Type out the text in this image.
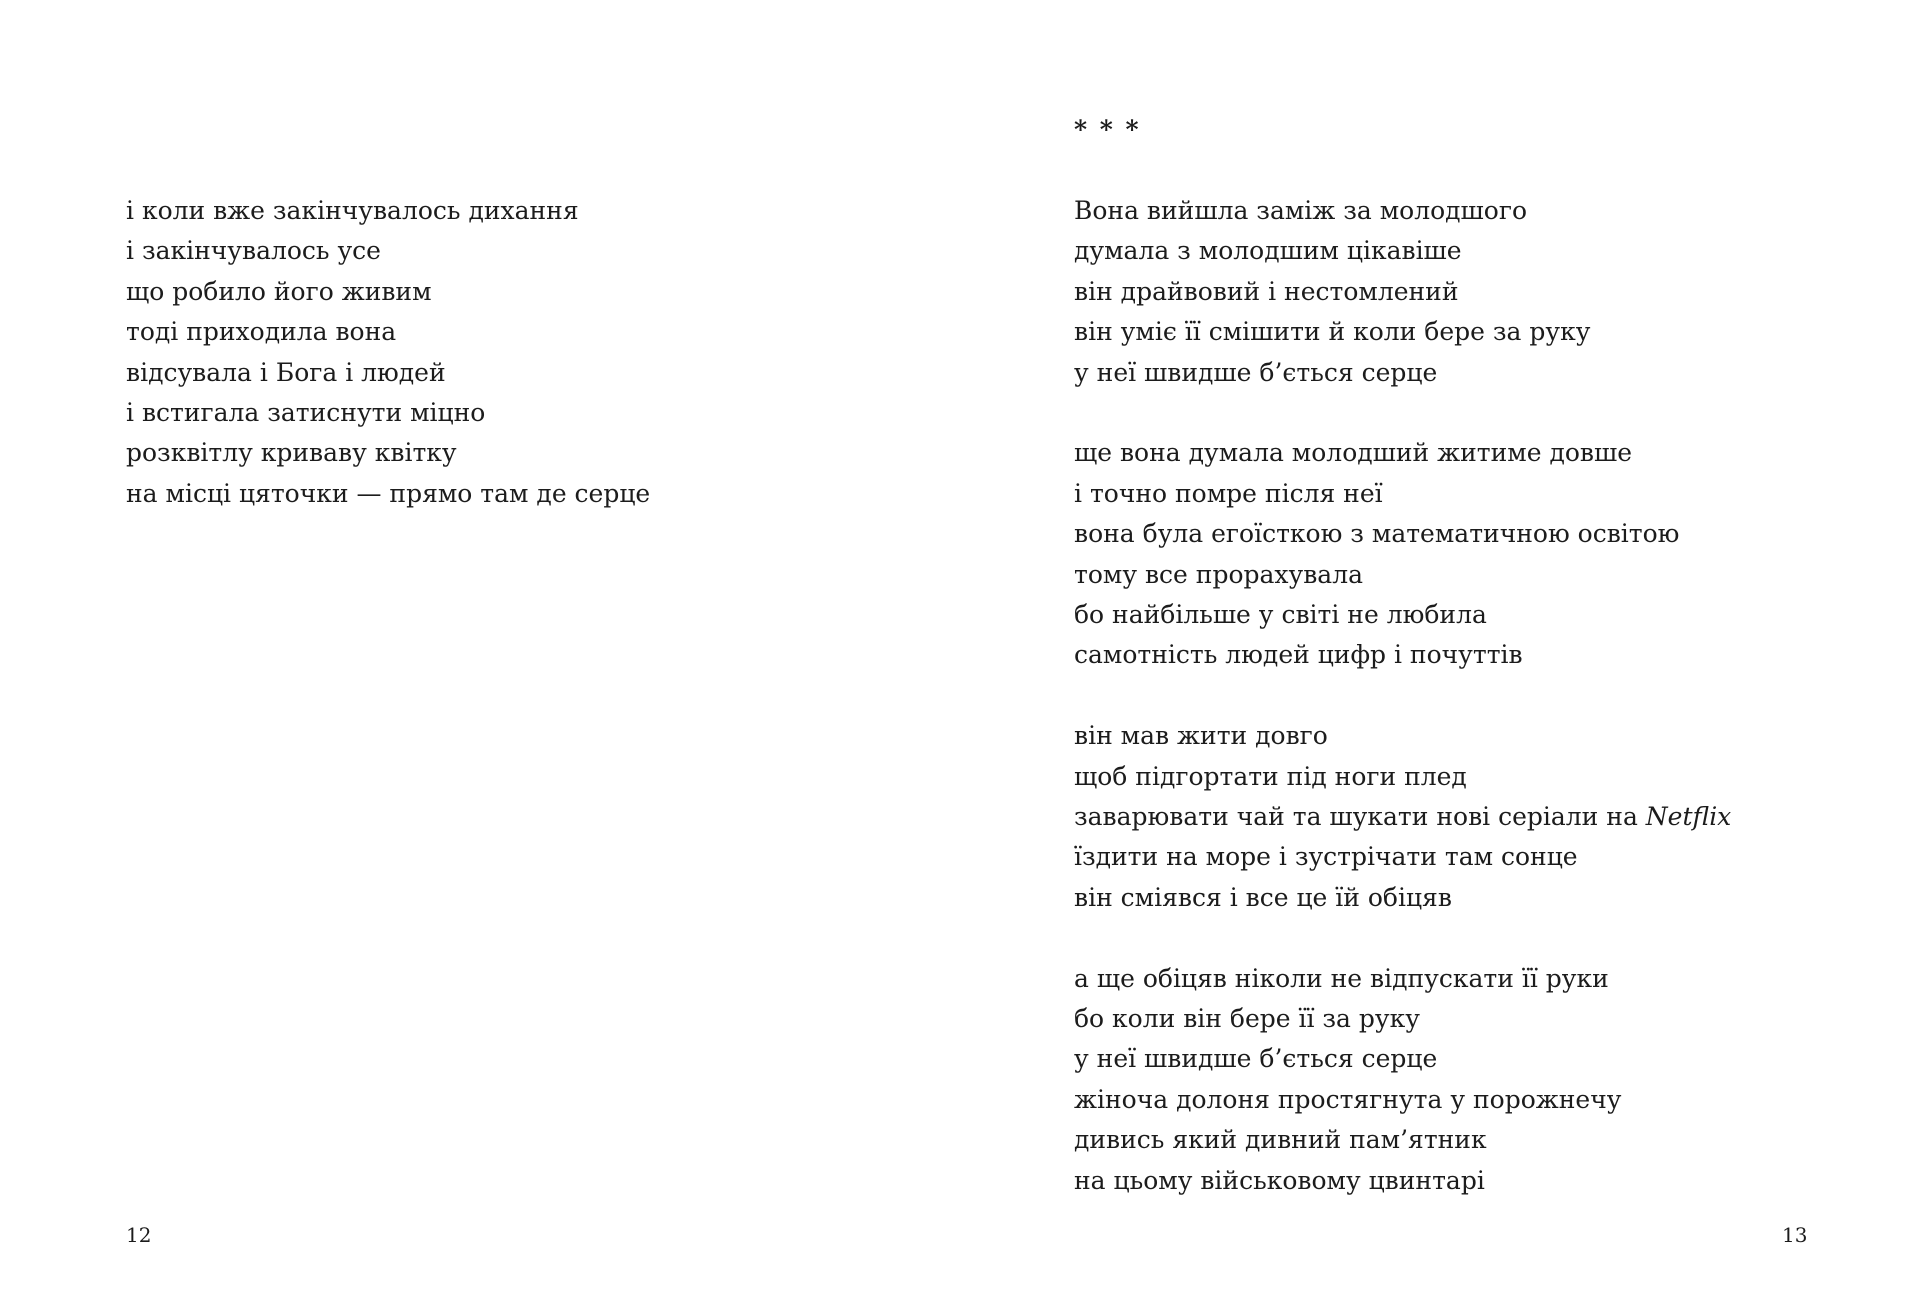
і коли вже закінчувалось дихання
і закінчувалось усе
що робило його живим
тоді приходила вона
відсувала і Бога і людей
і встигала затиснути міцно
розквітлу криваву квітку
на місці цяточки — прямо там де серце
12
* * *
Вона вийшла заміж за молодшого
думала з молодшим цікавіше
він драйвовий і нестомлений
він уміє її смішити й коли бере за руку
у неї швидше б’ється серце
ще вона думала молодший житиме довше
і точно помре після неї
вона була егоїсткою з математичною освітою
тому все прорахувала
бо найбільше у світі не любила
самотність людей цифр і почуттів
він мав жити довго
щоб підгортати під ноги плед
заварювати чай та шукати нові серіали на Netflix
їздити на море і зустрічати там сонце
він сміявся і все це їй обіцяв
а ще обіцяв ніколи не відпускати її руки
бо коли він бере її за руку
у неї швидше б’ється серце
жіноча долоня простягнута у порожнечу
дивись який дивний пам’ятник
на цьому військовому цвинтарі
13
